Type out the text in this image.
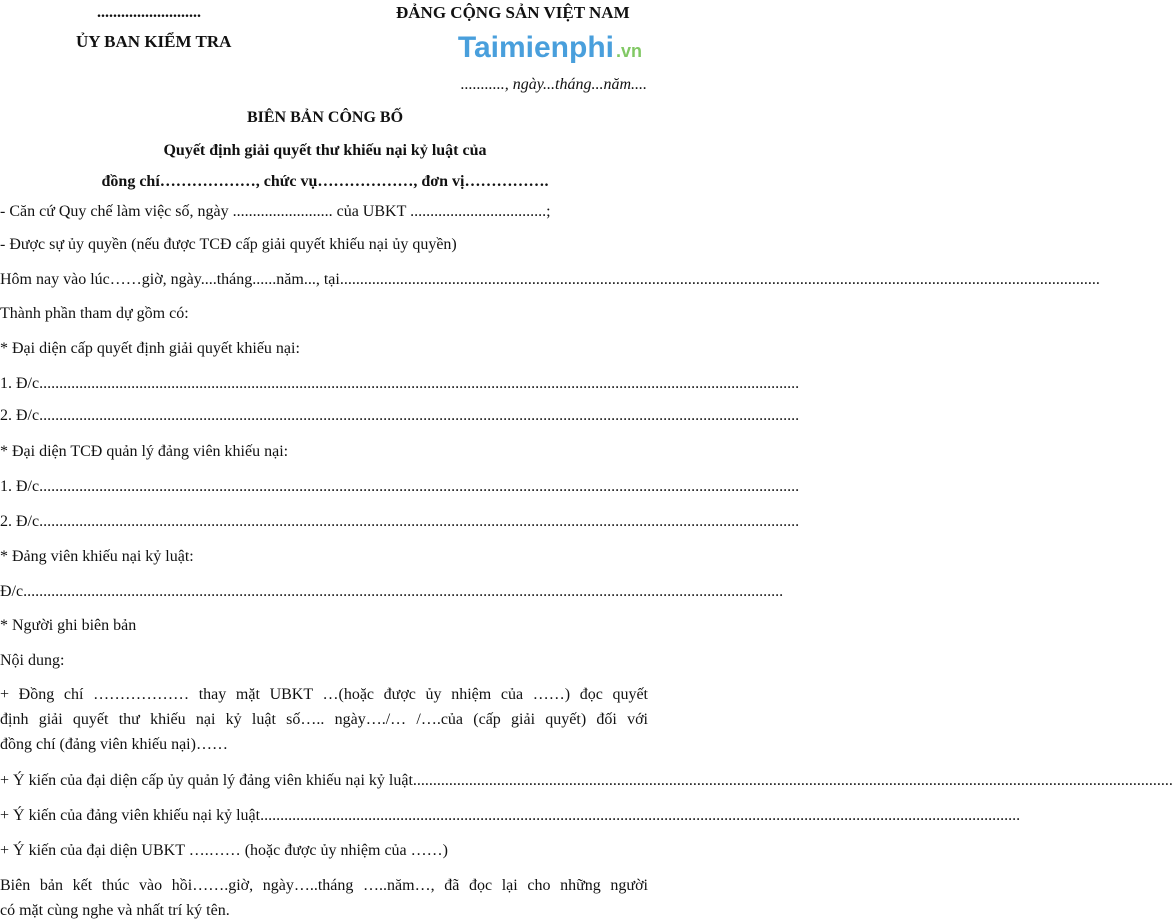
..........................	ĐẢNG CỘNG SẢN VIỆT NAM
ỦY BAN KIỂM TRA
..........., ngày...tháng...năm....
BIÊN BẢN CÔNG BỐ
Quyết định giải quyết thư khiếu nại kỷ luật của
đồng chí………………, chức vụ………………, đơn vị…………….
- Căn cứ Quy chế làm việc số, ngày ......................... của UBKT ..................................;
- Được sự ủy quyền (nếu được TCĐ cấp giải quyết khiếu nại ủy quyền)
Hôm nay vào lúc……giờ, ngày....tháng......năm..., tại ..............................................................................................................................................................................................
Thành phần tham dự gồm có:
* Đại diện cấp quyết định giải quyết khiếu nại:
1. Đ/c ..............................................................................................................................................................................................
2. Đ/c ..............................................................................................................................................................................................
* Đại diện TCĐ quản lý đảng viên khiếu nại:
1. Đ/c ..............................................................................................................................................................................................
2. Đ/c ..............................................................................................................................................................................................
* Đảng viên khiếu nại kỷ luật:
Đ/c ..............................................................................................................................................................................................
* Người ghi biên bản
Nội dung:
+ Đồng chí ……………… thay mặt UBKT …(hoặc được ủy nhiệm của ……) đọc quyết
định giải quyết thư khiếu nại kỷ luật số….. ngày…./… /….của (cấp giải quyết) đối với
đồng chí (đảng viên khiếu nại)……
+ Ý kiến của đại diện cấp ủy quản lý đảng viên khiếu nại kỷ luật ..............................................................................................................................................................................................
+ Ý kiến của đảng viên khiếu nại kỷ luật ..............................................................................................................................................................................................
+ Ý kiến của đại diện UBKT ….…… (hoặc được ủy nhiệm của ……)
Biên bản kết thúc vào hồi…….giờ, ngày…..tháng …..năm…, đã đọc lại cho những người
có mặt cùng nghe và nhất trí ký tên.
Taimienphi .vn
